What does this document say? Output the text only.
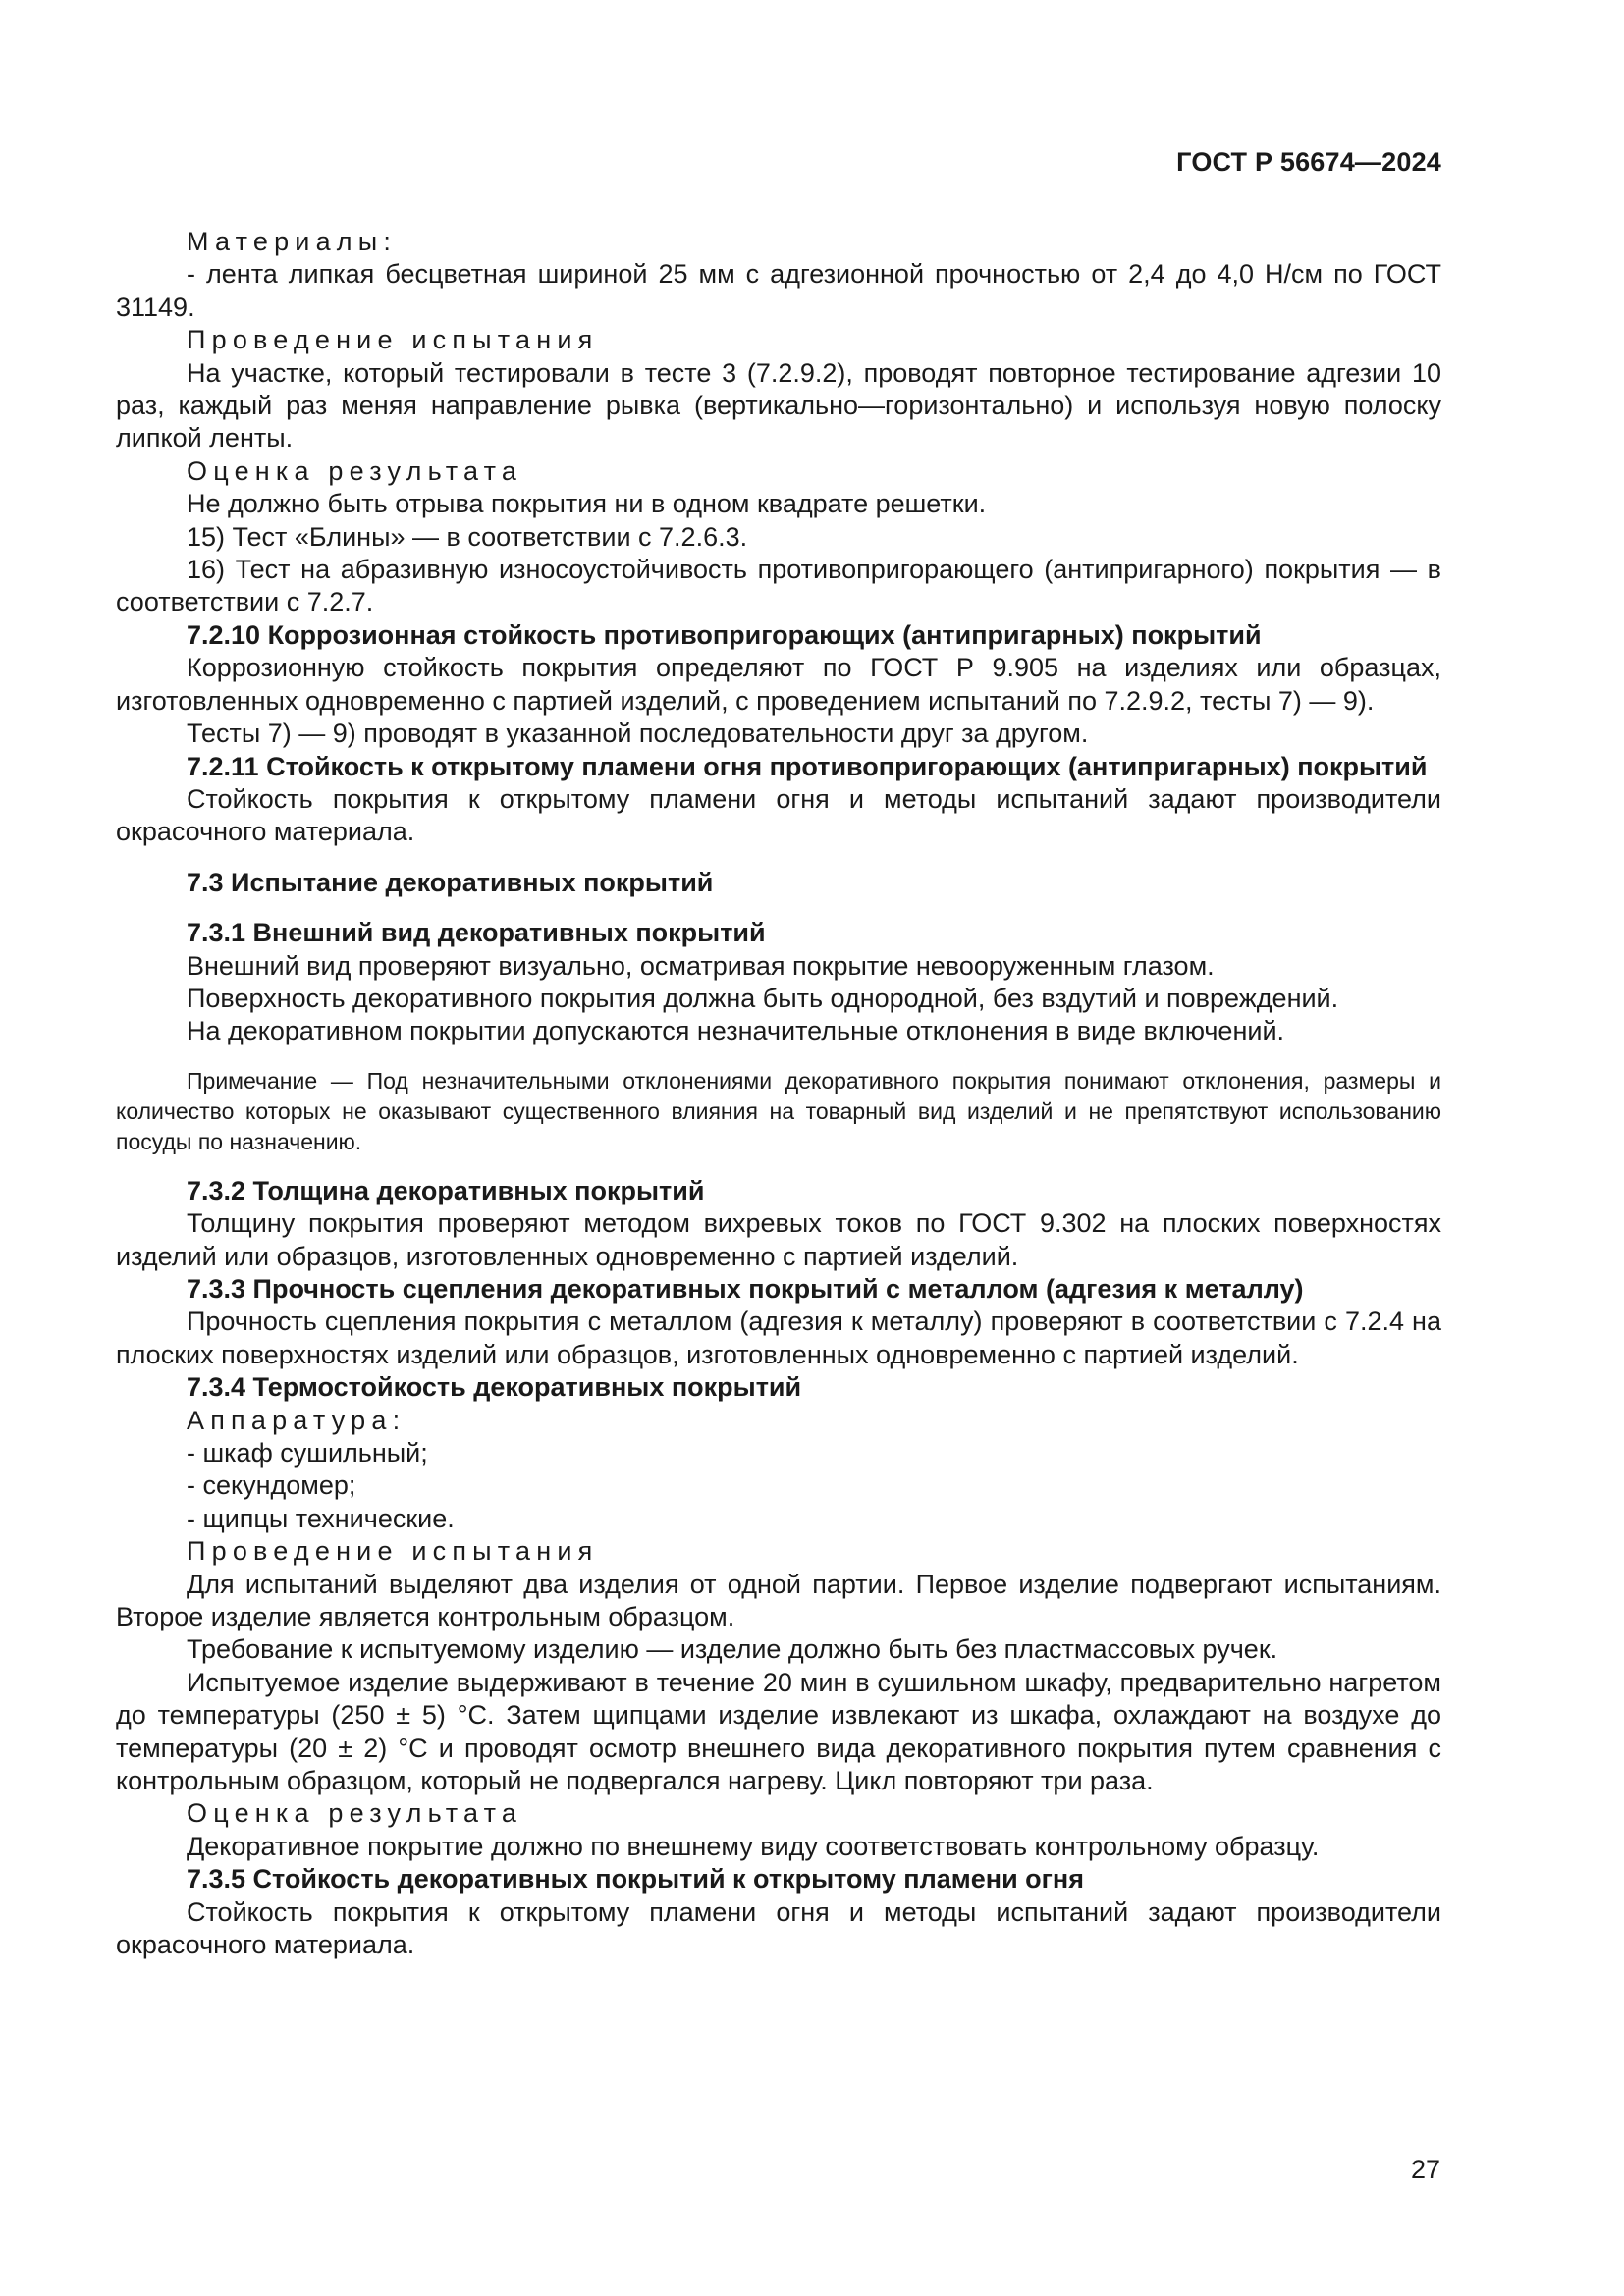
ГОСТ Р 56674—2024
Материалы:
- лента липкая бесцветная шириной 25 мм с адгезионной прочностью от 2,4 до 4,0 Н/см по ГОСТ 31149.
Проведение испытания
На участке, который тестировали в тесте 3 (7.2.9.2), проводят повторное тестирование адгезии 10 раз, каждый раз меняя направление рывка (вертикально—горизонтально) и используя новую полоску липкой ленты.
Оценка результата
Не должно быть отрыва покрытия ни в одном квадрате решетки.
15) Тест «Блины» — в соответствии с 7.2.6.3.
16) Тест на абразивную износоустойчивость противопригорающего (антипригарного) покрытия — в соответствии с 7.2.7.
7.2.10 Коррозионная стойкость противопригорающих (антипригарных) покрытий
Коррозионную стойкость покрытия определяют по ГОСТ Р 9.905 на изделиях или образцах, изготовленных одновременно с партией изделий, с проведением испытаний по 7.2.9.2, тесты 7) — 9).
Тесты 7) — 9) проводят в указанной последовательности друг за другом.
7.2.11 Стойкость к открытому пламени огня противопригорающих (антипригарных) покрытий
Стойкость покрытия к открытому пламени огня и методы испытаний задают производители окрасочного материала.
7.3 Испытание декоративных покрытий
7.3.1 Внешний вид декоративных покрытий
Внешний вид проверяют визуально, осматривая покрытие невооруженным глазом.
Поверхность декоративного покрытия должна быть однородной, без вздутий и повреждений.
На декоративном покрытии допускаются незначительные отклонения в виде включений.
Примечание — Под незначительными отклонениями декоративного покрытия понимают отклонения, размеры и количество которых не оказывают существенного влияния на товарный вид изделий и не препятствуют использованию посуды по назначению.
7.3.2 Толщина декоративных покрытий
Толщину покрытия проверяют методом вихревых токов по ГОСТ 9.302 на плоских поверхностях изделий или образцов, изготовленных одновременно с партией изделий.
7.3.3 Прочность сцепления декоративных покрытий с металлом (адгезия к металлу)
Прочность сцепления покрытия с металлом (адгезия к металлу) проверяют в соответствии с 7.2.4 на плоских поверхностях изделий или образцов, изготовленных одновременно с партией изделий.
7.3.4 Термостойкость декоративных покрытий
Аппаратура:
- шкаф сушильный;
- секундомер;
- щипцы технические.
Проведение испытания
Для испытаний выделяют два изделия от одной партии. Первое изделие подвергают испытаниям. Второе изделие является контрольным образцом.
Требование к испытуемому изделию — изделие должно быть без пластмассовых ручек.
Испытуемое изделие выдерживают в течение 20 мин в сушильном шкафу, предварительно нагретом до температуры (250 ± 5) °С. Затем щипцами изделие извлекают из шкафа, охлаждают на воздухе до температуры (20 ± 2) °С и проводят осмотр внешнего вида декоративного покрытия путем сравнения с контрольным образцом, который не подвергался нагреву. Цикл повторяют три раза.
Оценка результата
Декоративное покрытие должно по внешнему виду соответствовать контрольному образцу.
7.3.5 Стойкость декоративных покрытий к открытому пламени огня
Стойкость покрытия к открытому пламени огня и методы испытаний задают производители окрасочного материала.
27
